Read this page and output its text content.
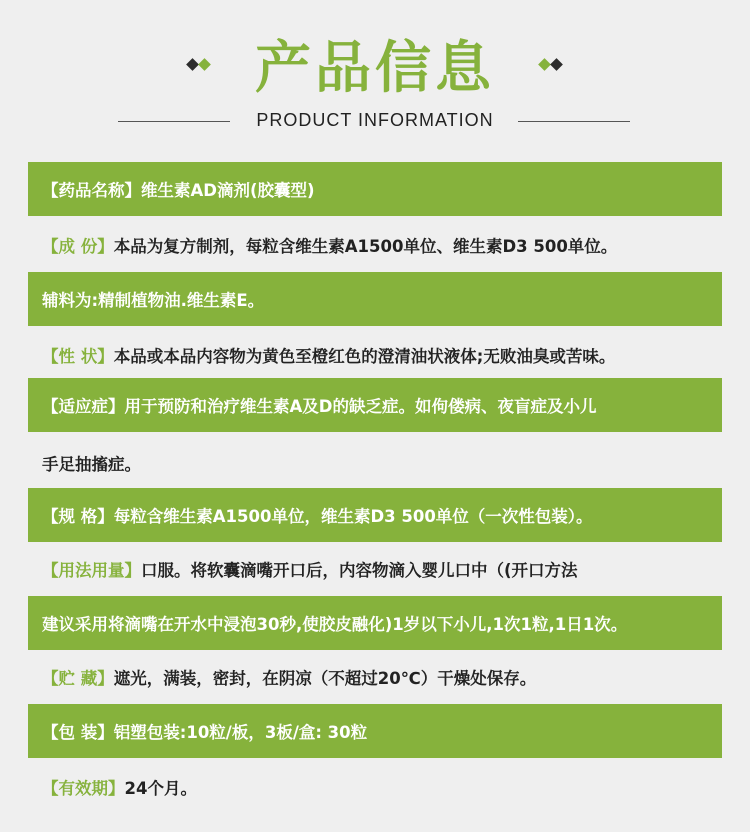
产品信息
PRODUCT INFORMATION
【药品名称】 维生素AD滴剂(胶囊型)
【成 份】 本品为复方制剂，每粒含维生素A1500单位、维生素D3 500单位。
辅料为:精制植物油.维生素E。
【性 状】 本品或本品内容物为黄色至橙红色的澄清油状液体;无败油臭或苦味。
【适应症】 用于预防和治疗维生素A及D的缺乏症。如佝偻病、夜盲症及小儿
手足抽搐症。
【规 格】 每粒含维生素A1500单位，维生素D3 500单位（一次性包装）。
【用法用量】 口服。将软囊滴嘴开口后，内容物滴入婴儿口中（(开口方法
建议采用将滴嘴在开水中浸泡30秒,使胶皮融化)1岁以下小儿,1次1粒,1日1次。
【贮 藏】 遮光，满装，密封，在阴凉（不超过20℃）干燥处保存。
【包 装】 铝塑包装:10粒/板，3板/盒: 30粒
【有效期】 24个月。
